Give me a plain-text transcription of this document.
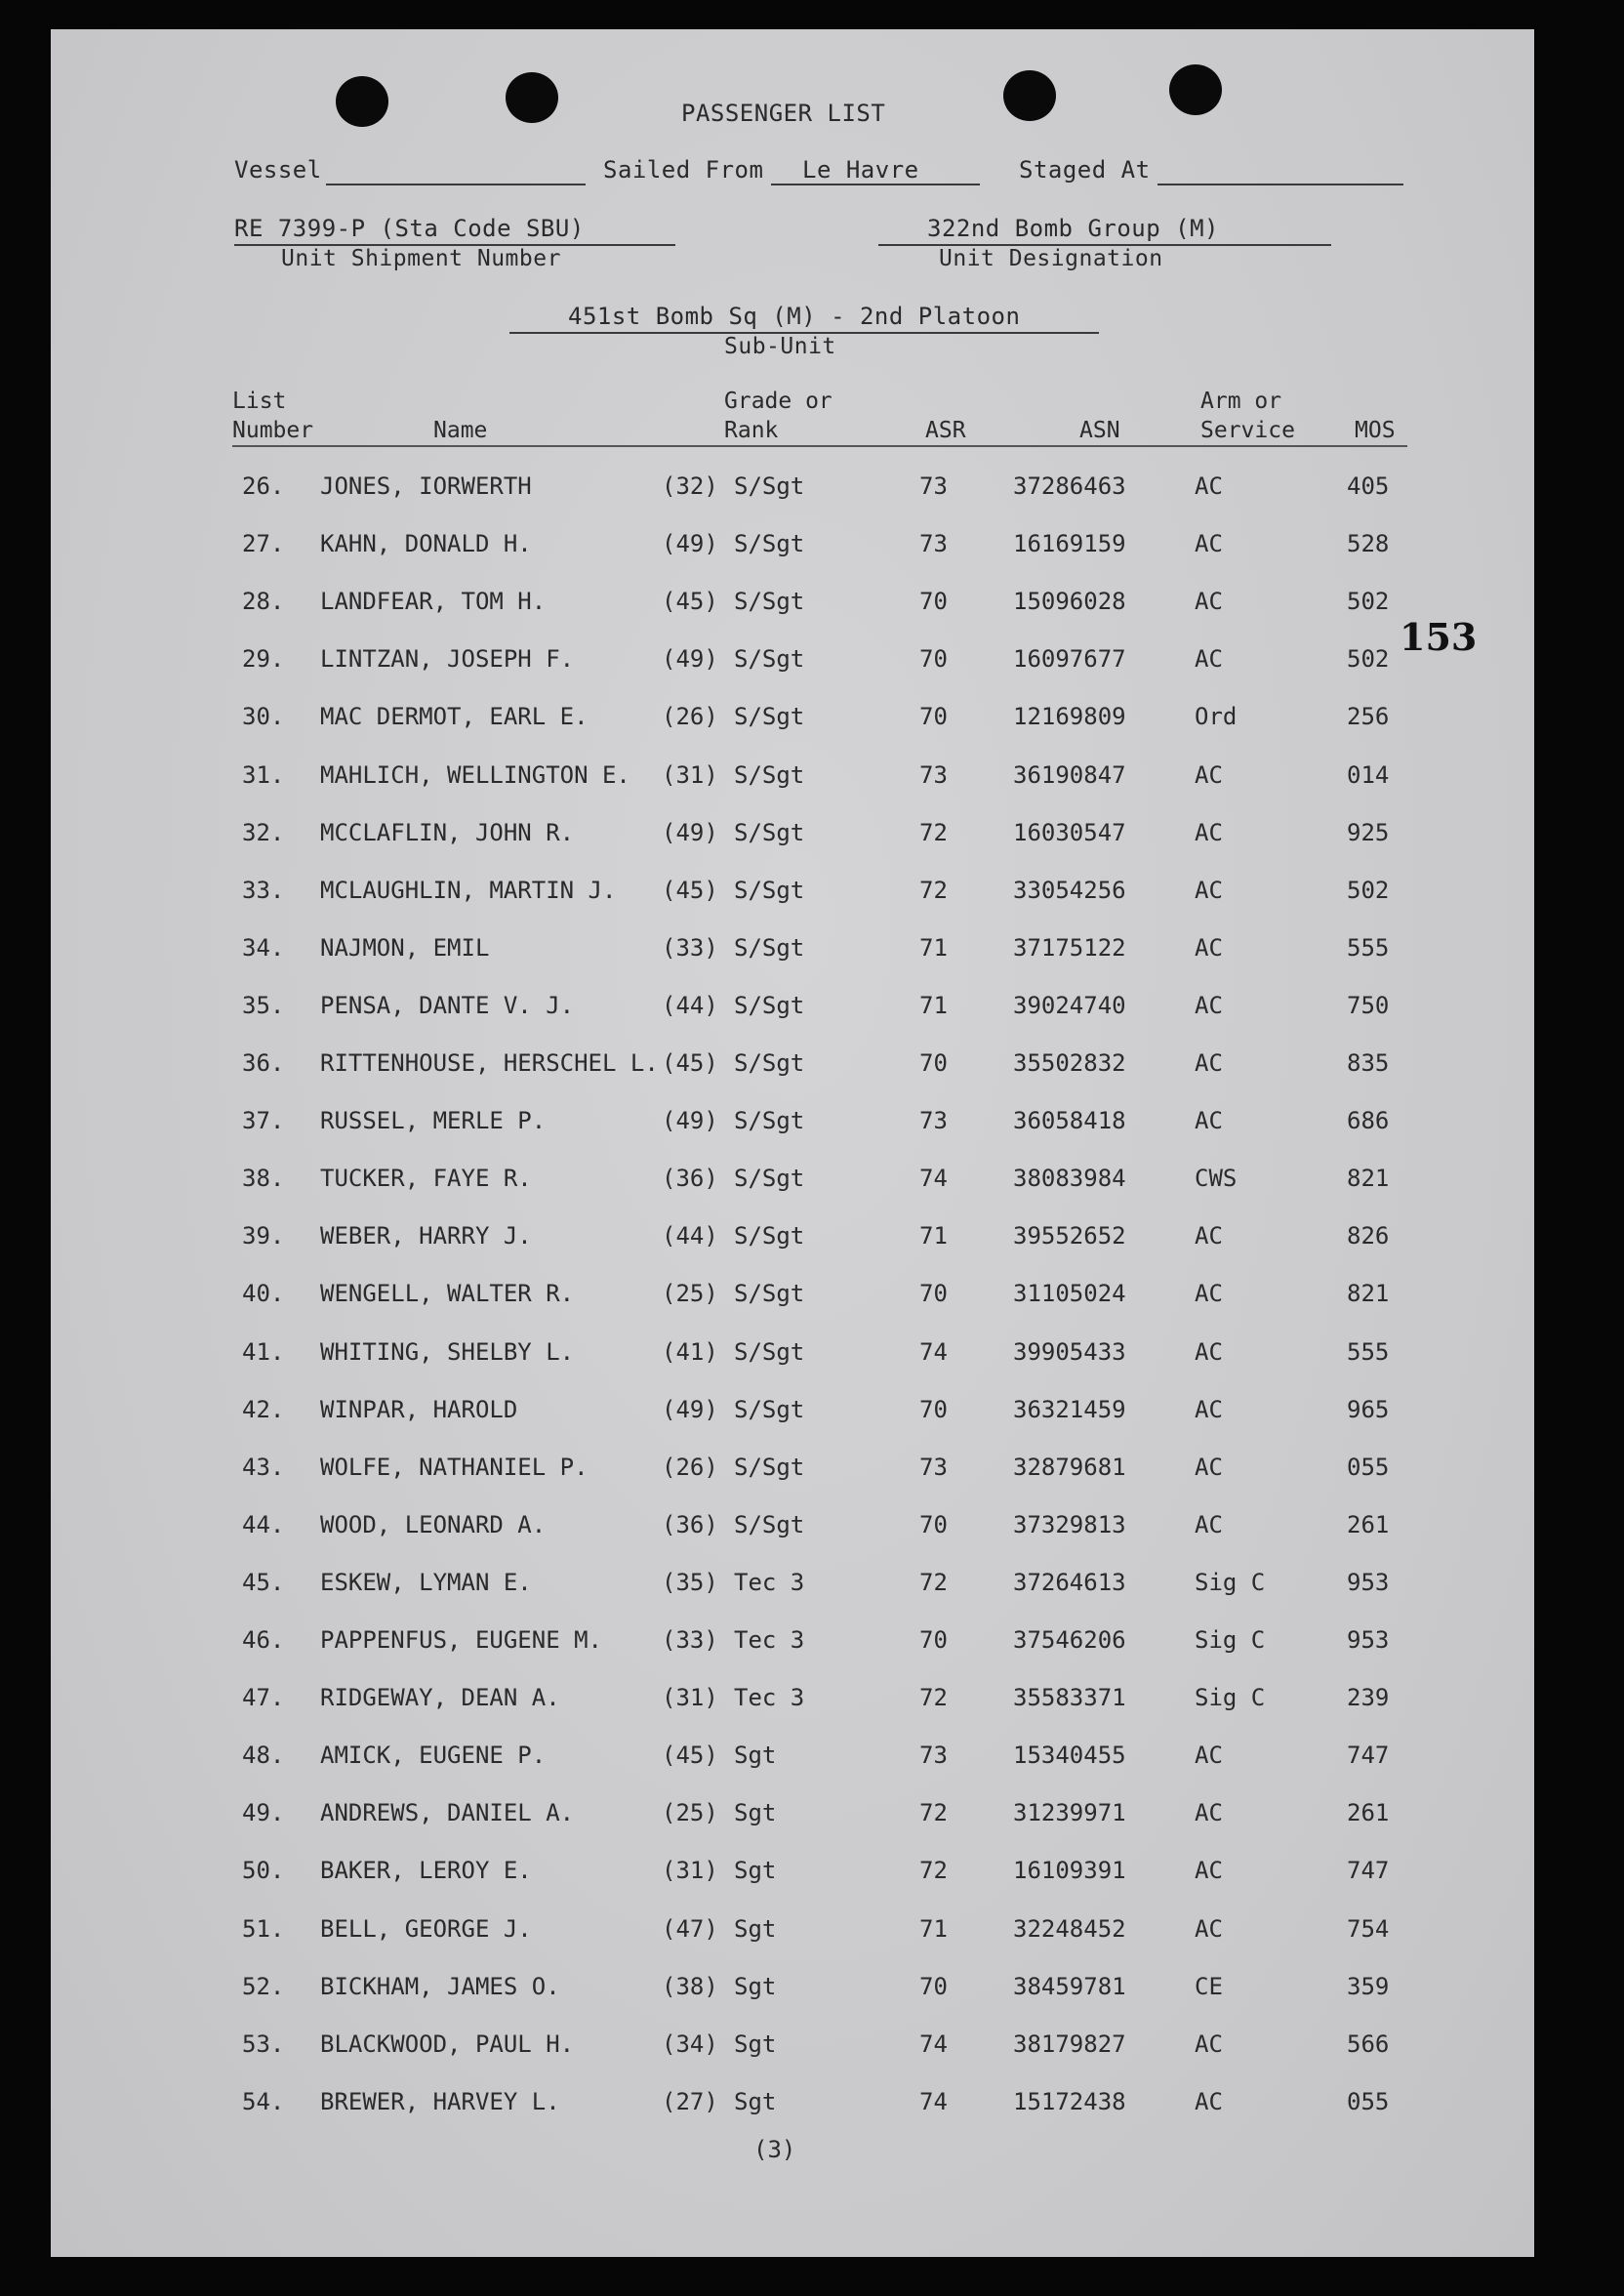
153
PASSENGER LIST
Vessel	Sailed From Le Havre	Staged At
RE 7399-P (Sta Code SBU)
Unit Shipment Number
322nd Bomb Group (M)
Unit Designation
451st Bomb Sq (M) - 2nd Platoon
Sub-Unit
List
Number	Name
Grade or
Rank	ASR	ASN
Arm or
Service	MOS
26. JONES, IORWERTH	(32) S/Sgt	73	37286463	AC	405
27. KAHN, DONALD H.	(49) S/Sgt	73	16169159	AC	528
28. LANDFEAR, TOM H.	(45) S/Sgt	70	15096028	AC	502
29. LINTZAN, JOSEPH F.	(49) S/Sgt	70	16097677	AC	502
30. MAC DERMOT, EARL E.	(26) S/Sgt	70	12169809	Ord	256
31. MAHLICH, WELLINGTON E. (31) S/Sgt	73	36190847	AC	014
32. MCCLAFLIN, JOHN R.	(49) S/Sgt	72	16030547	AC	925
33. MCLAUGHLIN, MARTIN J. (45) S/Sgt	72	33054256	AC	502
34. NAJMON, EMIL	(33) S/Sgt	71	37175122	AC	555
35. PENSA, DANTE V. J.	(44) S/Sgt	71	39024740	AC	750
36. RITTENHOUSE, HERSCHEL L. (45) S/Sgt	70	35502832	AC	835
37. RUSSEL, MERLE P.	(49) S/Sgt	73	36058418	AC	686
38. TUCKER, FAYE R.	(36) S/Sgt	74	38083984	CWS	821
39. WEBER, HARRY J.	(44) S/Sgt	71	39552652	AC	826
40. WENGELL, WALTER R.	(25) S/Sgt	70	31105024	AC	821
41. WHITING, SHELBY L.	(41) S/Sgt	74	39905433	AC	555
42. WINPAR, HAROLD	(49) S/Sgt	70	36321459	AC	965
43. WOLFE, NATHANIEL P.	(26) S/Sgt	73	32879681	AC	055
44. WOOD, LEONARD A.	(36) S/Sgt	70	37329813	AC	261
45. ESKEW, LYMAN E.	(35) Tec 3	72	37264613	Sig C	953
46. PAPPENFUS, EUGENE M.	(33) Tec 3	70	37546206	Sig C	953
47. RIDGEWAY, DEAN A.	(31) Tec 3	72	35583371	Sig C	239
48. AMICK, EUGENE P.	(45) Sgt	73	15340455	AC	747
49. ANDREWS, DANIEL A.	(25) Sgt	72	31239971	AC	261
50. BAKER, LEROY E.	(31) Sgt	72	16109391	AC	747
51. BELL, GEORGE J.	(47) Sgt	71	32248452	AC	754
52. BICKHAM, JAMES O.	(38) Sgt	70	38459781	CE	359
53. BLACKWOOD, PAUL H.	(34) Sgt	74	38179827	AC	566
54. BREWER, HARVEY L.	(27) Sgt	74	15172438	AC	055
(3)
